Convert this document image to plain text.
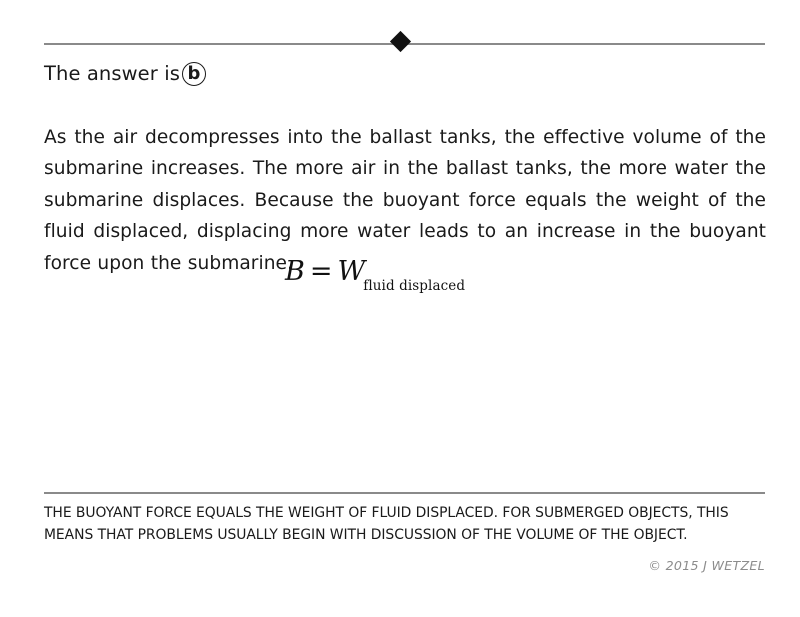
The answer is b

As the air decompresses into the ballast tanks, the effective volume of the submarine increases. The more air in the ballast tanks, the more water the submarine displaces. Because the buoyant force equals the weight of the fluid displaced, displacing more water leads to an increase in the buoyant force upon the submarine.

$B = W_{fluid displaced}$
THE BUOYANT FORCE EQUALS THE WEIGHT OF FLUID DISPLACED. FOR SUBMERGED OBJECTS, THIS MEANS THAT PROBLEMS USUALLY BEGIN WITH DISCUSSION OF THE VOLUME OF THE OBJECT.
© 2015 J WETZEL
